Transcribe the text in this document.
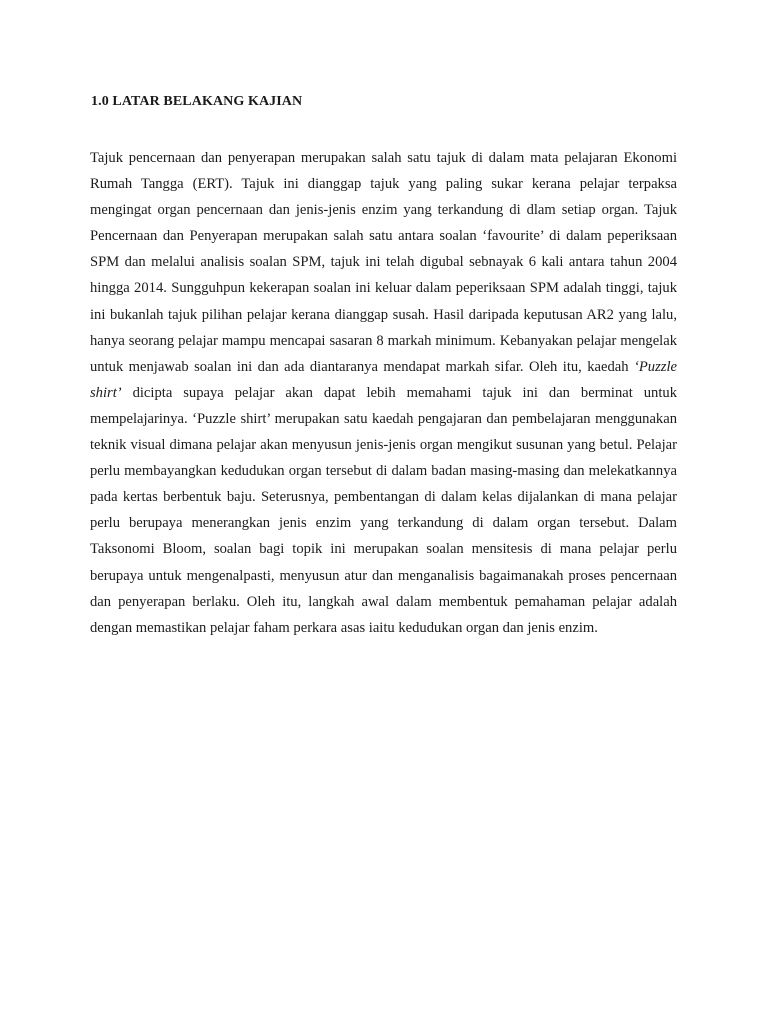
1.0 LATAR BELAKANG KAJIAN

Tajuk pencernaan dan penyerapan merupakan salah satu tajuk di dalam mata pelajaran Ekonomi Rumah Tangga (ERT). Tajuk ini dianggap tajuk yang paling sukar kerana pelajar terpaksa mengingat organ pencernaan dan jenis-jenis enzim yang terkandung di dlam setiap organ. Tajuk Pencernaan dan Penyerapan merupakan salah satu antara soalan ‘favourite’ di dalam peperiksaan SPM dan melalui analisis soalan SPM, tajuk ini telah digubal sebnayak 6 kali antara tahun 2004 hingga 2014. Sungguhpun kekerapan soalan ini keluar dalam peperiksaan SPM adalah tinggi, tajuk ini bukanlah tajuk pilihan pelajar kerana dianggap susah. Hasil daripada keputusan AR2 yang lalu, hanya seorang pelajar mampu mencapai sasaran 8 markah minimum. Kebanyakan pelajar mengelak untuk menjawab soalan ini dan ada diantaranya mendapat markah sifar. Oleh itu, kaedah ‘Puzzle shirt’ dicipta supaya pelajar akan dapat lebih memahami tajuk ini dan berminat untuk mempelajarinya. ‘Puzzle shirt’ merupakan satu kaedah pengajaran dan pembelajaran menggunakan teknik visual dimana pelajar akan menyusun jenis-jenis organ mengikut susunan yang betul. Pelajar perlu membayangkan kedudukan organ tersebut di dalam badan masing-masing dan melekatkannya pada kertas berbentuk baju. Seterusnya, pembentangan di dalam kelas dijalankan di mana pelajar perlu berupaya menerangkan jenis enzim yang terkandung di dalam organ tersebut. Dalam Taksonomi Bloom, soalan bagi topik ini merupakan soalan mensitesis di mana pelajar perlu berupaya untuk mengenalpasti, menyusun atur dan menganalisis bagaimanakah proses pencernaan dan penyerapan berlaku. Oleh itu, langkah awal dalam membentuk pemahaman pelajar adalah dengan memastikan pelajar faham perkara asas iaitu kedudukan organ dan jenis enzim.
